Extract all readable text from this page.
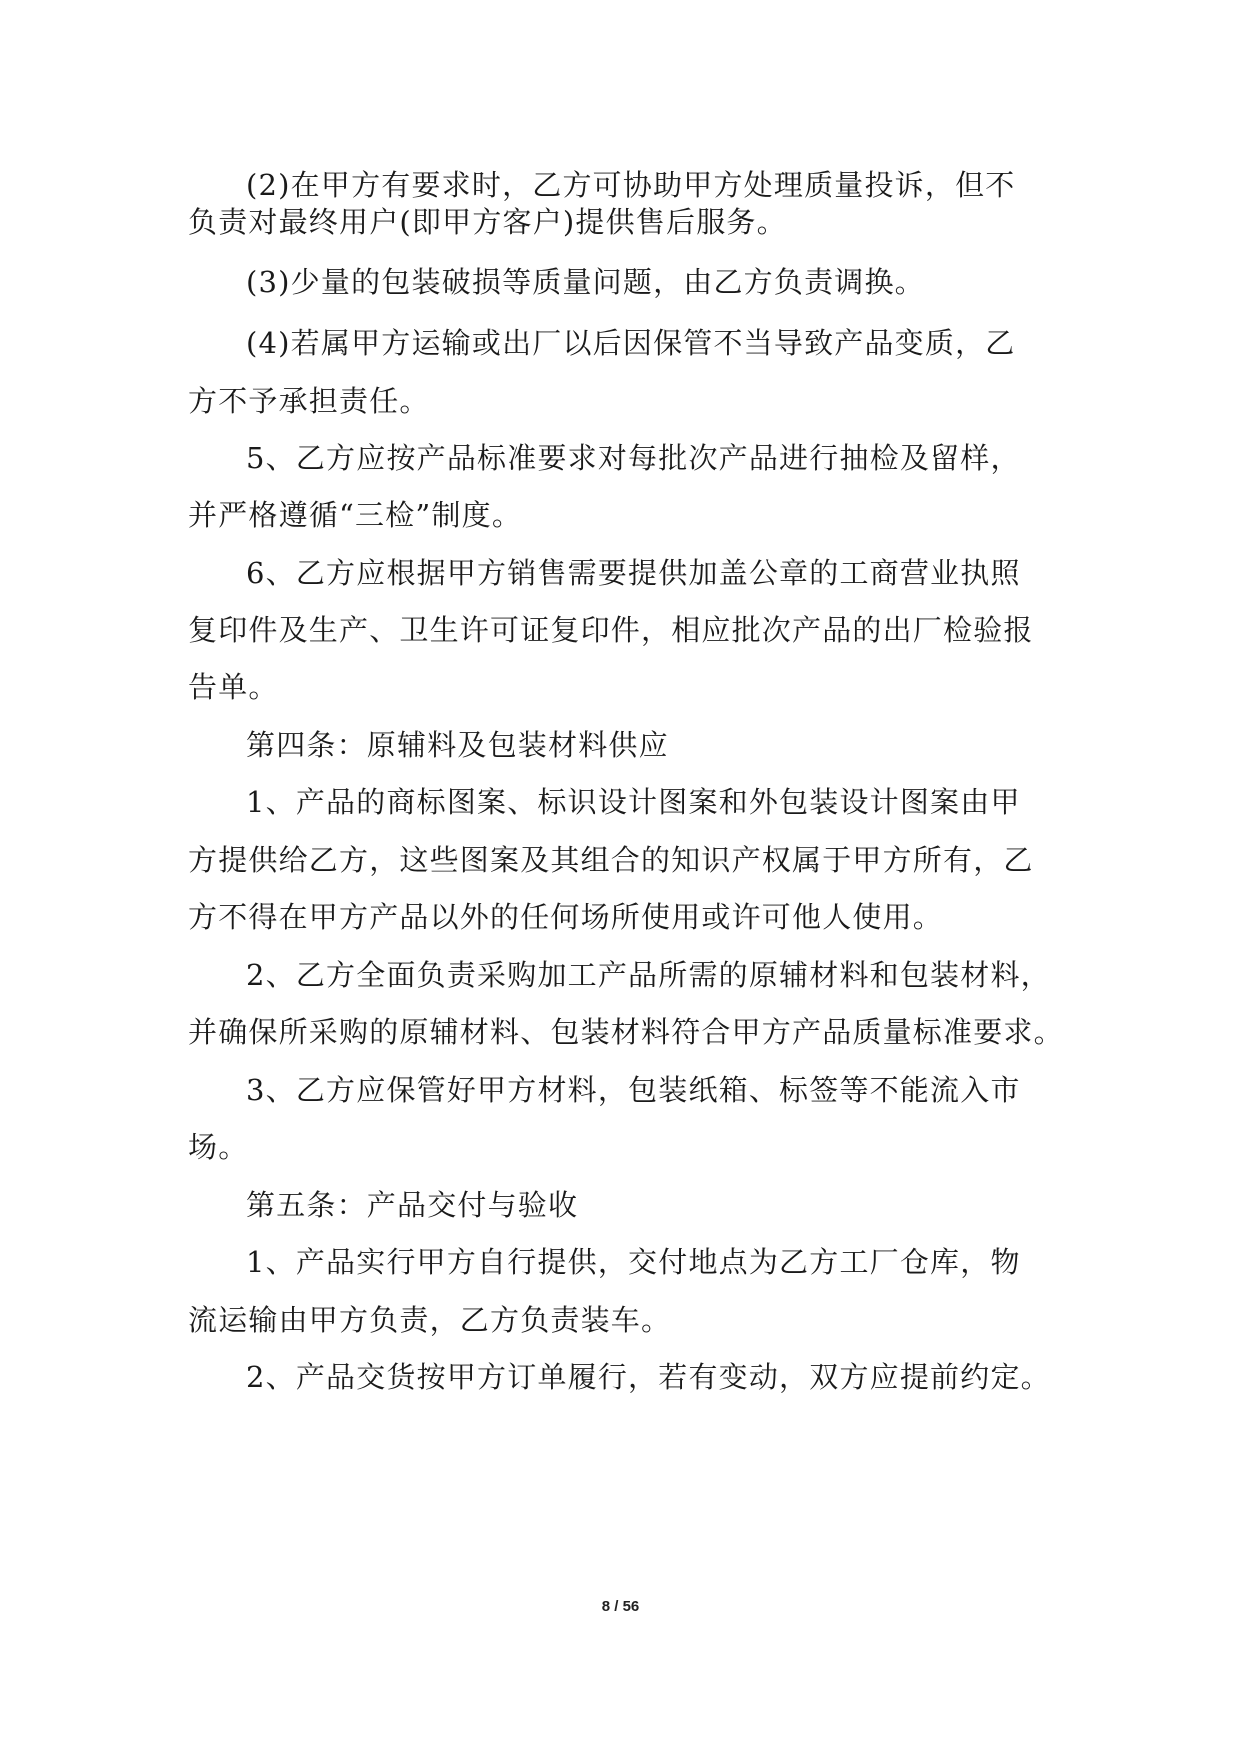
(2)在甲方有要求时，乙方可协助甲方处理质量投诉，但不
负责对最终用户(即甲方客户)提供售后服务。
(3)少量的包装破损等质量问题，由乙方负责调换。
(4)若属甲方运输或出厂以后因保管不当导致产品变质，乙
方不予承担责任。
5、乙方应按产品标准要求对每批次产品进行抽检及留样，
并严格遵循“三检”制度。
6、乙方应根据甲方销售需要提供加盖公章的工商营业执照
复印件及生产、卫生许可证复印件，相应批次产品的出厂检验报
告单。
第四条：原辅料及包装材料供应
1、产品的商标图案、标识设计图案和外包装设计图案由甲
方提供给乙方，这些图案及其组合的知识产权属于甲方所有，乙
方不得在甲方产品以外的任何场所使用或许可他人使用。
2、乙方全面负责采购加工产品所需的原辅材料和包装材料，
并确保所采购的原辅材料、包装材料符合甲方产品质量标准要求。
3、乙方应保管好甲方材料，包装纸箱、标签等不能流入市
场。
第五条：产品交付与验收
1、产品实行甲方自行提供，交付地点为乙方工厂仓库，物
流运输由甲方负责，乙方负责装车。
2、产品交货按甲方订单履行，若有变动，双方应提前约定。
8 / 56
